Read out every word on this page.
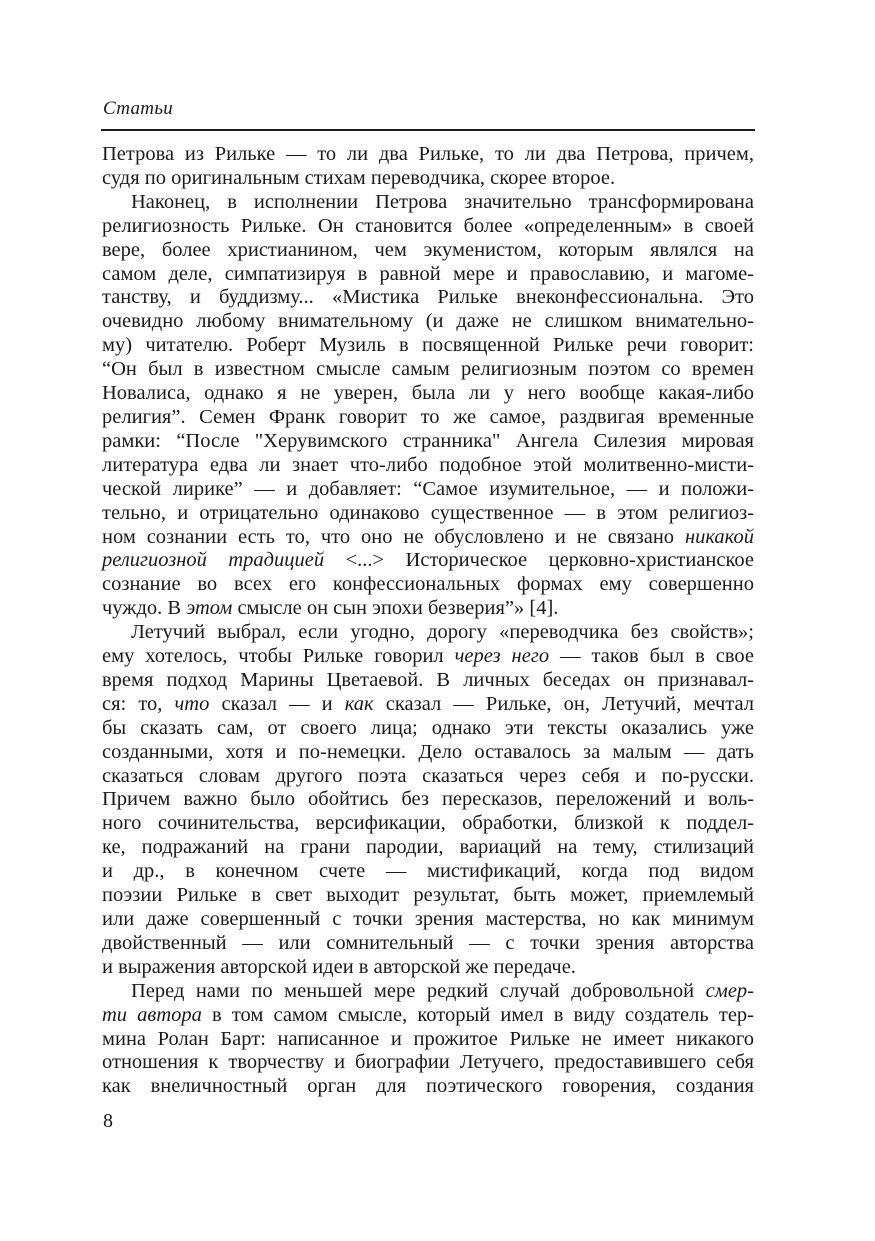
Статьи
Петрова из Рильке — то ли два Рильке, то ли два Петрова, причем,
судя по оригинальным стихам переводчика, скорее второе.
Наконец, в исполнении Петрова значительно трансформирована
религиозность Рильке. Он становится более «определенным» в своей
вере, более христианином, чем экуменистом, которым являлся на
самом деле, симпатизируя в равной мере и православию, и магоме-
танству, и буддизму... «Мистика Рильке внеконфессиональна. Это
очевидно любому внимательному (и даже не слишком внимательно-
му) читателю. Роберт Музиль в посвященной Рильке речи говорит:
“Он был в известном смысле самым религиозным поэтом со времен
Новалиса, однако я не уверен, была ли у него вообще какая-либо
религия”. Семен Франк говорит то же самое, раздвигая временные
рамки: “После "Херувимского странника" Ангела Силезия мировая
литература едва ли знает что-либо подобное этой молитвенно-мисти-
ческой лирике” — и добавляет: “Самое изумительное, — и положи-
тельно, и отрицательно одинаково существенное — в этом религиоз-
ном сознании есть то, что оно не обусловлено и не связано никакой
религиозной традицией <...> Историческое церковно-христианское
сознание во всех его конфессиональных формах ему совершенно
чуждо. В этом смысле он сын эпохи безверия”» [4].
Летучий выбрал, если угодно, дорогу «переводчика без свойств»;
ему хотелось, чтобы Рильке говорил через него — таков был в свое
время подход Марины Цветаевой. В личных беседах он признавал-
ся: то, что сказал — и как сказал — Рильке, он, Летучий, мечтал
бы сказать сам, от своего лица; однако эти тексты оказались уже
созданными, хотя и по-немецки. Дело оставалось за малым — дать
сказаться словам другого поэта сказаться через себя и по-русски.
Причем важно было обойтись без пересказов, переложений и воль-
ного сочинительства, версификации, обработки, близкой к поддел-
ке, подражаний на грани пародии, вариаций на тему, стилизаций
и др., в конечном счете — мистификаций, когда под видом
поэзии Рильке в свет выходит результат, быть может, приемлемый
или даже совершенный с точки зрения мастерства, но как минимум
двойственный — или сомнительный — с точки зрения авторства
и выражения авторской идеи в авторской же передаче.
Перед нами по меньшей мере редкий случай добровольной смер-
ти автора в том самом смысле, который имел в виду создатель тер-
мина Ролан Барт: написанное и прожитое Рильке не имеет никакого
отношения к творчеству и биографии Летучего, предоставившего себя
как внеличностный орган для поэтического говорения, создания
8
